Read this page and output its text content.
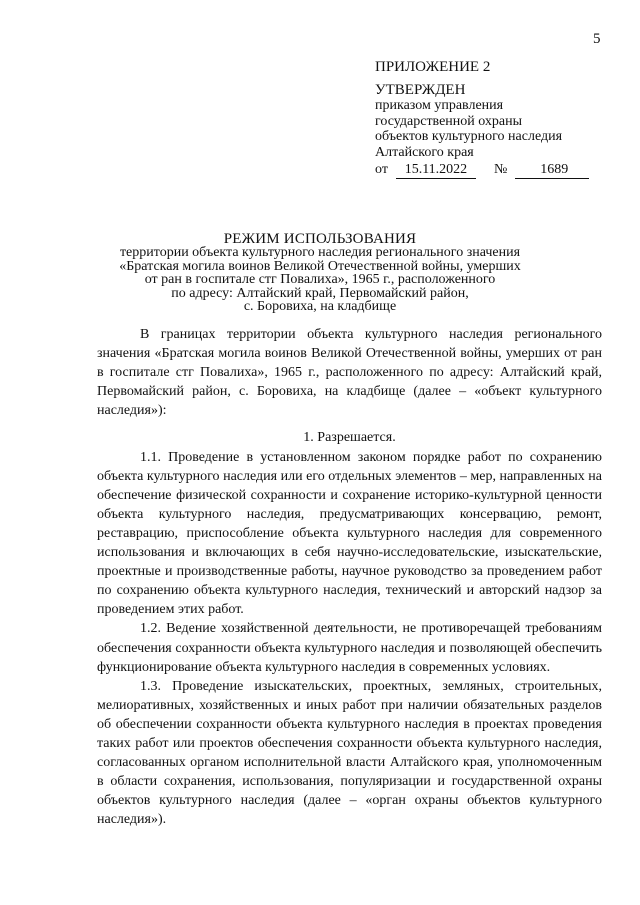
5
ПРИЛОЖЕНИЕ 2
УТВЕРЖДЕН
приказом управления
государственной охраны
объектов культурного наследия
Алтайского края
от 15.11.2022 № 1689
РЕЖИМ ИСПОЛЬЗОВАНИЯ
территории объекта культурного наследия регионального значения
«Братская могила воинов Великой Отечественной войны, умерших
от ран в госпитале стг Повалиха», 1965 г., расположенного
по адресу: Алтайский край, Первомайский район,
с. Боровиха, на кладбище

В границах территории объекта культурного наследия регионального значения «Братская могила воинов Великой Отечественной войны, умерших от ран в госпитале стг Повалиха», 1965 г., расположенного по адресу: Алтайский край, Первомайский район, с. Боровиха, на кладбище (далее – «объект культурного наследия»):

1. Разрешается.

1.1. Проведение в установленном законом порядке работ по сохранению объекта культурного наследия или его отдельных элементов – мер, направленных на обеспечение физической сохранности и сохранение историко-культурной ценности объекта культурного наследия, предусматривающих консервацию, ремонт, реставрацию, приспособление объекта культурного наследия для современного использования и включающих в себя научно-исследовательские, изыскательские, проектные и производственные работы, научное руководство за проведением работ по сохранению объекта культурного наследия, технический и авторский надзор за проведением этих работ.

1.2. Ведение хозяйственной деятельности, не противоречащей требованиям обеспечения сохранности объекта культурного наследия и позволяющей обеспечить функционирование объекта культурного наследия в современных условиях.

1.3. Проведение изыскательских, проектных, земляных, строительных, мелиоративных, хозяйственных и иных работ при наличии обязательных разделов об обеспечении сохранности объекта культурного наследия в проектах проведения таких работ или проектов обеспечения сохранности объекта культурного наследия, согласованных органом исполнительной власти Алтайского края, уполномоченным в области сохранения, использования, популяризации и государственной охраны объектов культурного наследия (далее – «орган охраны объектов культурного наследия»).
